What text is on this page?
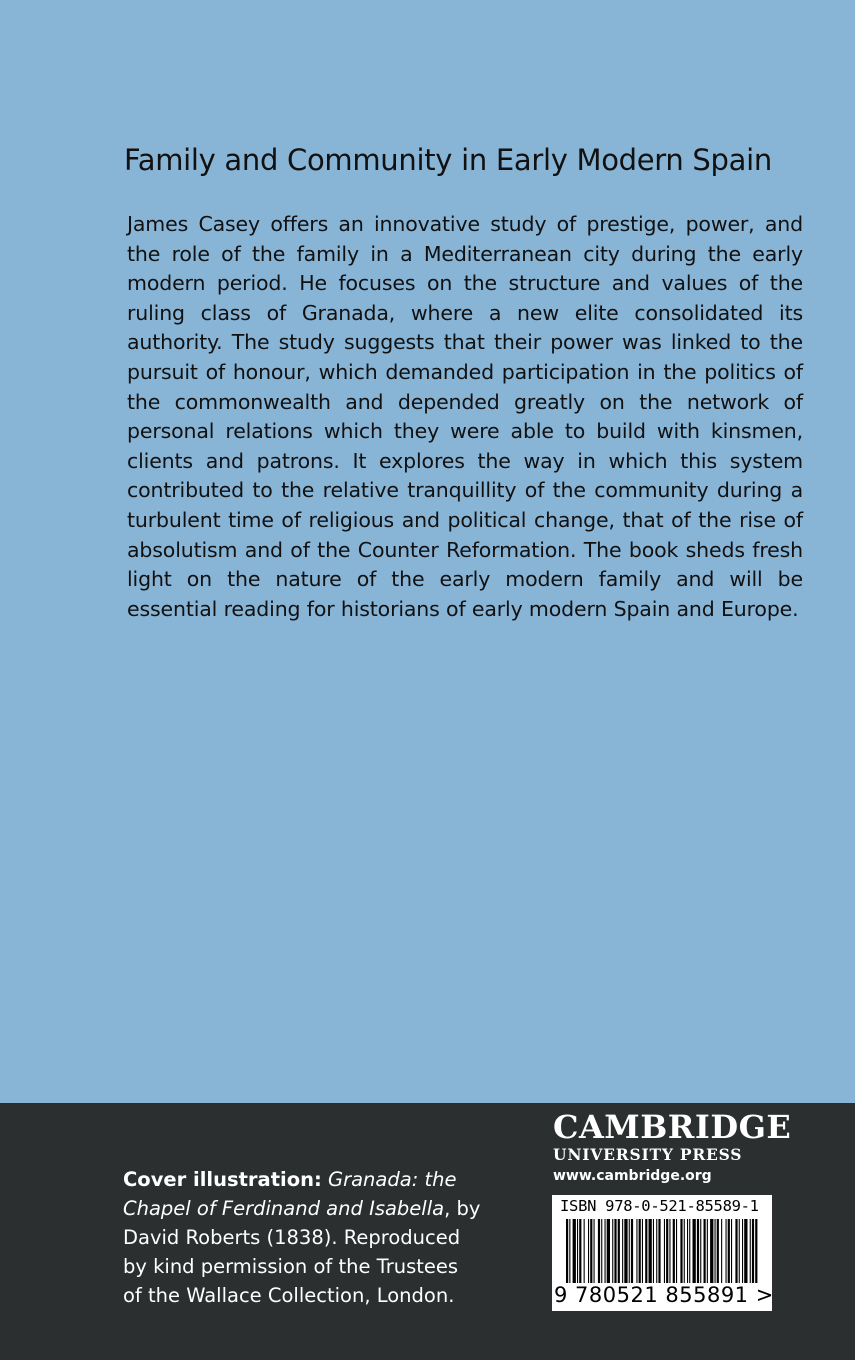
Family and Community in Early Modern Spain

James Casey offers an innovative study of prestige, power, and the role of the family in a Mediterranean city during the early modern period. He focuses on the structure and values of the ruling class of Granada, where a new elite consolidated its authority. The study suggests that their power was linked to the pursuit of honour, which demanded participation in the politics of the commonwealth and depended greatly on the network of personal relations which they were able to build with kinsmen, clients and patrons. It explores the way in which this system contributed to the relative tranquillity of the community during a turbulent time of religious and political change, that of the rise of absolutism and of the Counter Reformation. The book sheds fresh light on the nature of the early modern family and will be essential reading for historians of early modern Spain and Europe.

Cover illustration: Granada: the Chapel of Ferdinand and Isabella, by David Roberts (1838). Reproduced by kind permission of the Trustees of the Wallace Collection, London.

CAMBRIDGE
UNIVERSITY PRESS
www.cambridge.org
ISBN 978-0-521-85589-1
9 780521 855891 >
